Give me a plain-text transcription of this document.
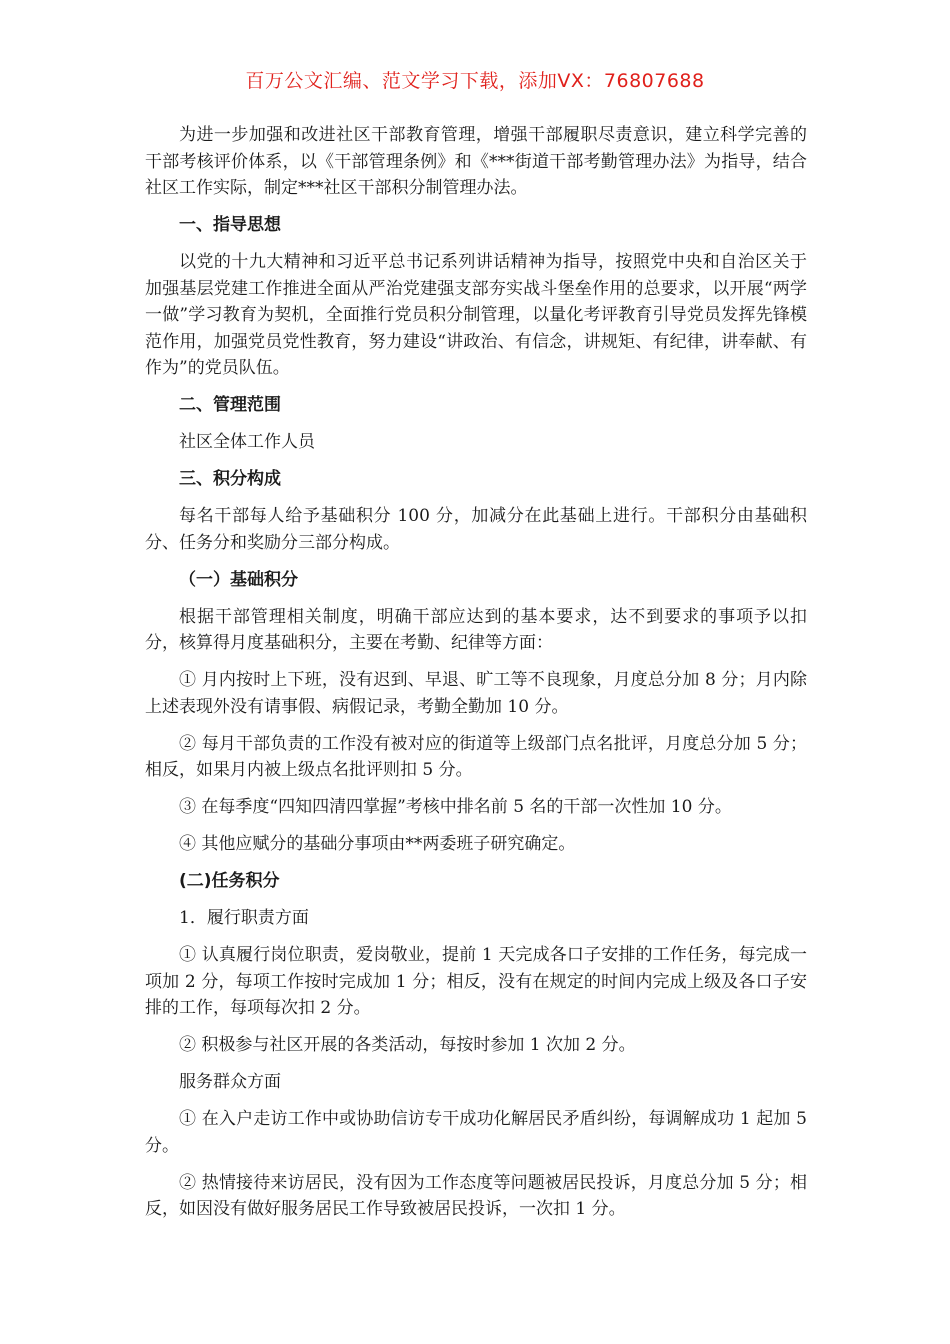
百万公文汇编、范文学习下载，添加VX：76807688

为进一步加强和改进社区干部教育管理，增强干部履职尽责意识，建立科学完善的干部考核评价体系，以《干部管理条例》和《***街道干部考勤管理办法》为指导，结合社区工作实际，制定***社区干部积分制管理办法。

一、指导思想

以党的十九大精神和习近平总书记系列讲话精神为指导，按照党中央和自治区关于加强基层党建工作推进全面从严治党建强支部夯实战斗堡垒作用的总要求，以开展“两学一做”学习教育为契机，全面推行党员积分制管理，以量化考评教育引导党员发挥先锋模范作用，加强党员党性教育，努力建设“讲政治、有信念，讲规矩、有纪律，讲奉献、有作为”的党员队伍。

二、管理范围

社区全体工作人员

三、积分构成

每名干部每人给予基础积分 100 分，加减分在此基础上进行。干部积分由基础积分、任务分和奖励分三部分构成。

（一）基础积分

根据干部管理相关制度，明确干部应达到的基本要求，达不到要求的事项予以扣分，核算得月度基础积分，主要在考勤、纪律等方面：

① 月内按时上下班，没有迟到、早退、旷工等不良现象，月度总分加 8 分；月内除上述表现外没有请事假、病假记录，考勤全勤加 10 分。

② 每月干部负责的工作没有被对应的街道等上级部门点名批评，月度总分加 5 分；相反，如果月内被上级点名批评则扣 5 分。

③ 在每季度“四知四清四掌握”考核中排名前 5 名的干部一次性加 10 分。

④ 其他应赋分的基础分事项由**两委班子研究确定。

(二)任务积分

1．履行职责方面

① 认真履行岗位职责，爱岗敬业，提前 1 天完成各口子安排的工作任务，每完成一项加 2 分，每项工作按时完成加 1 分；相反，没有在规定的时间内完成上级及各口子安排的工作，每项每次扣 2 分。

② 积极参与社区开展的各类活动，每按时参加 1 次加 2 分。

服务群众方面

① 在入户走访工作中或协助信访专干成功化解居民矛盾纠纷，每调解成功 1 起加 5 分。

② 热情接待来访居民，没有因为工作态度等问题被居民投诉，月度总分加 5 分；相反，如因没有做好服务居民工作导致被居民投诉，一次扣 1 分。
